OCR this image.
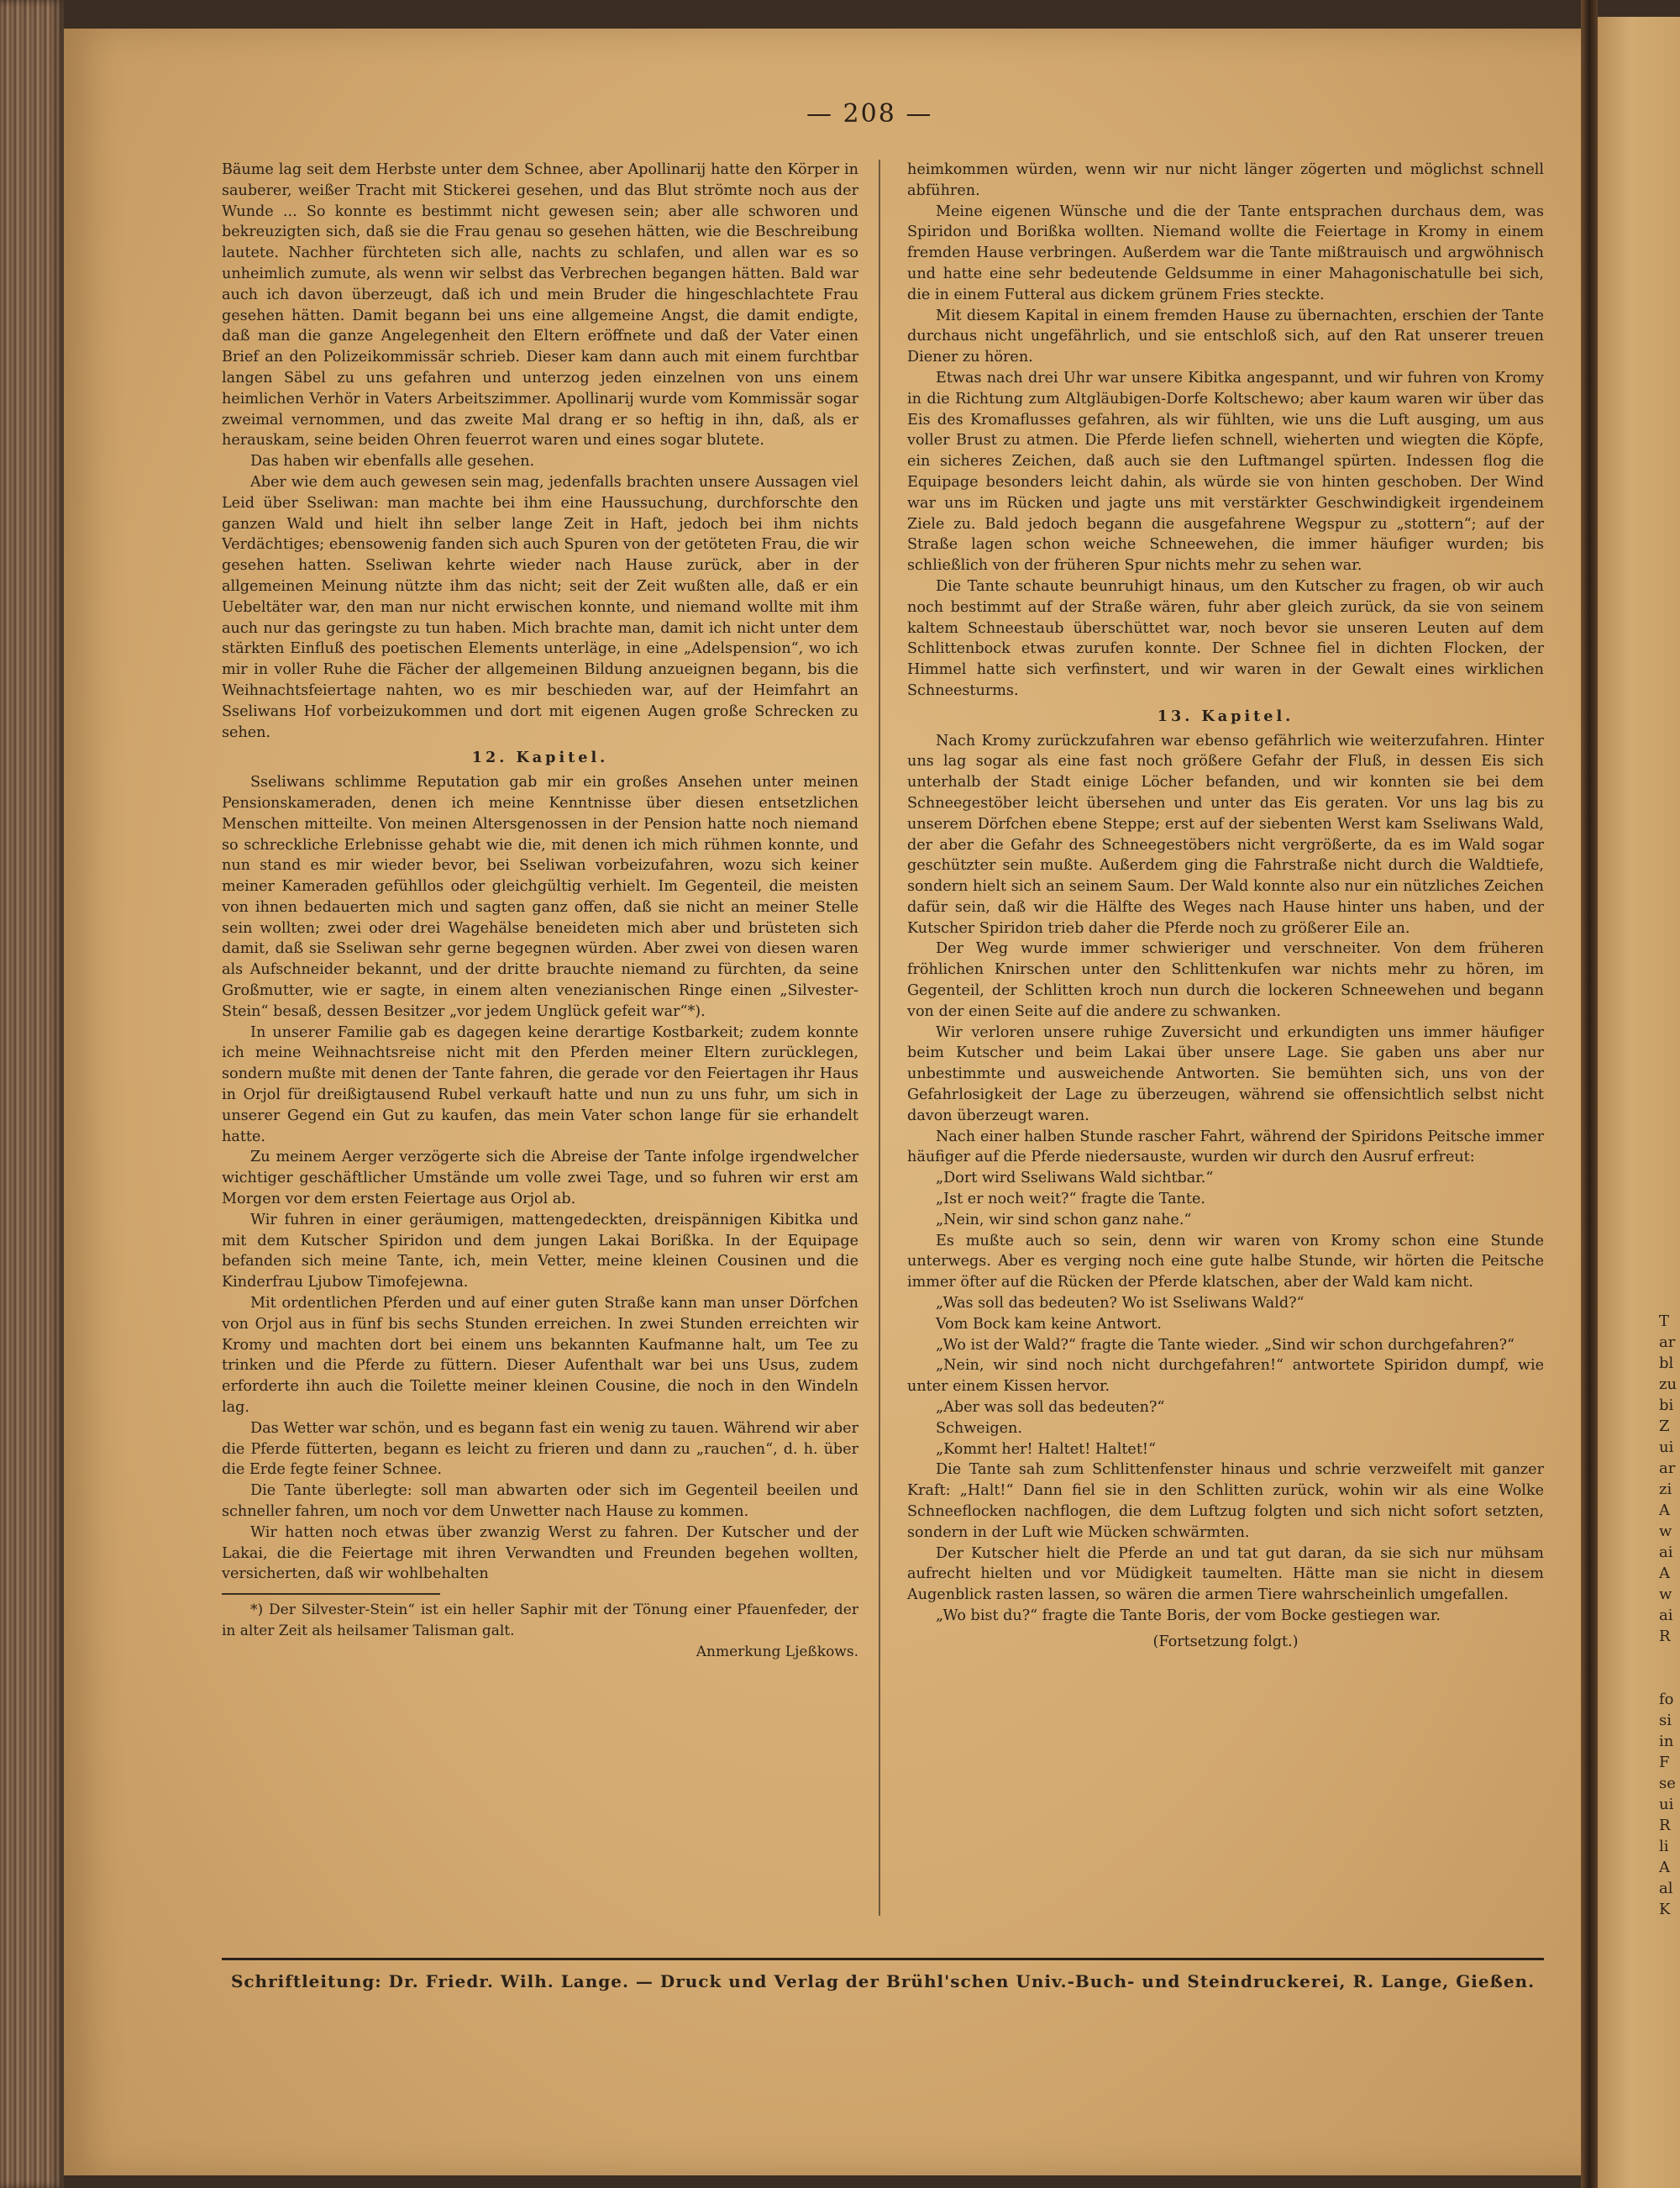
— 208 —

Bäume lag seit dem Herbste unter dem Schnee, aber Apollinarij hatte den Körper in sauberer, weißer Tracht mit Stickerei gesehen, und das Blut strömte noch aus der Wunde ... So konnte es bestimmt nicht gewesen sein; aber alle schworen und bekreuzigten sich, daß sie die Frau genau so gesehen hätten, wie die Beschreibung lautete. Nachher fürchteten sich alle, nachts zu schlafen, und allen war es so unheimlich zumute, als wenn wir selbst das Verbrechen begangen hätten. Bald war auch ich davon überzeugt, daß ich und mein Bruder die hingeschlachtete Frau gesehen hätten. Damit begann bei uns eine allgemeine Angst, die damit endigte, daß man die ganze Angelegenheit den Eltern eröffnete und daß der Vater einen Brief an den Polizeikommissär schrieb. Dieser kam dann auch mit einem furchtbar langen Säbel zu uns gefahren und unterzog jeden einzelnen von uns einem heimlichen Verhör in Vaters Arbeitszimmer. Apollinarij wurde vom Kommissär sogar zweimal vernommen, und das zweite Mal drang er so heftig in ihn, daß, als er herauskam, seine beiden Ohren feuerrot waren und eines sogar blutete.

Das haben wir ebenfalls alle gesehen.

Aber wie dem auch gewesen sein mag, jedenfalls brachten unsere Aussagen viel Leid über Sseliwan: man machte bei ihm eine Haussuchung, durchforschte den ganzen Wald und hielt ihn selber lange Zeit in Haft, jedoch bei ihm nichts Verdächtiges; ebensowenig fanden sich auch Spuren von der getöteten Frau, die wir gesehen hatten. Sseliwan kehrte wieder nach Hause zurück, aber in der allgemeinen Meinung nützte ihm das nicht; seit der Zeit wußten alle, daß er ein Uebeltäter war, den man nur nicht erwischen konnte, und niemand wollte mit ihm auch nur das geringste zu tun haben. Mich brachte man, damit ich nicht unter dem stärkten Einfluß des poetischen Elements unterläge, in eine „Adelspension“, wo ich mir in voller Ruhe die Fächer der allgemeinen Bildung anzueignen begann, bis die Weihnachtsfeiertage nahten, wo es mir beschieden war, auf der Heimfahrt an Sseliwans Hof vorbeizukommen und dort mit eigenen Augen große Schrecken zu sehen.

12. Kapitel.

Sseliwans schlimme Reputation gab mir ein großes Ansehen unter meinen Pensionskameraden, denen ich meine Kenntnisse über diesen entsetzlichen Menschen mitteilte. Von meinen Altersgenossen in der Pension hatte noch niemand so schreckliche Erlebnisse gehabt wie die, mit denen ich mich rühmen konnte, und nun stand es mir wieder bevor, bei Sseliwan vorbeizufahren, wozu sich keiner meiner Kameraden gefühllos oder gleichgültig verhielt. Im Gegenteil, die meisten von ihnen bedauerten mich und sagten ganz offen, daß sie nicht an meiner Stelle sein wollten; zwei oder drei Wagehälse beneideten mich aber und brüsteten sich damit, daß sie Sseliwan sehr gerne begegnen würden. Aber zwei von diesen waren als Aufschneider bekannt, und der dritte brauchte niemand zu fürchten, da seine Großmutter, wie er sagte, in einem alten venezianischen Ringe einen „Silvester-Stein“ besaß, dessen Besitzer „vor jedem Unglück gefeit war“*).

In unserer Familie gab es dagegen keine derartige Kostbarkeit; zudem konnte ich meine Weihnachtsreise nicht mit den Pferden meiner Eltern zurücklegen, sondern mußte mit denen der Tante fahren, die gerade vor den Feiertagen ihr Haus in Orjol für dreißigtausend Rubel verkauft hatte und nun zu uns fuhr, um sich in unserer Gegend ein Gut zu kaufen, das mein Vater schon lange für sie erhandelt hatte.

Zu meinem Aerger verzögerte sich die Abreise der Tante infolge irgendwelcher wichtiger geschäftlicher Umstände um volle zwei Tage, und so fuhren wir erst am Morgen vor dem ersten Feiertage aus Orjol ab.

Wir fuhren in einer geräumigen, mattengedeckten, dreispännigen Kibitka und mit dem Kutscher Spiridon und dem jungen Lakai Borißka. In der Equipage befanden sich meine Tante, ich, mein Vetter, meine kleinen Cousinen und die Kinderfrau Ljubow Timofejewna.

Mit ordentlichen Pferden und auf einer guten Straße kann man unser Dörfchen von Orjol aus in fünf bis sechs Stunden erreichen. In zwei Stunden erreichten wir Kromy und machten dort bei einem uns bekannten Kaufmanne halt, um Tee zu trinken und die Pferde zu füttern. Dieser Aufenthalt war bei uns Usus, zudem erforderte ihn auch die Toilette meiner kleinen Cousine, die noch in den Windeln lag.

Das Wetter war schön, und es begann fast ein wenig zu tauen. Während wir aber die Pferde fütterten, begann es leicht zu frieren und dann zu „rauchen“, d. h. über die Erde fegte feiner Schnee.

Die Tante überlegte: soll man abwarten oder sich im Gegenteil beeilen und schneller fahren, um noch vor dem Unwetter nach Hause zu kommen.

Wir hatten noch etwas über zwanzig Werst zu fahren. Der Kutscher und der Lakai, die die Feiertage mit ihren Verwandten und Freunden begehen wollten, versicherten, daß wir wohlbehalten

*) Der Silvester-Stein“ ist ein heller Saphir mit der Tönung einer Pfauenfeder, der in alter Zeit als heilsamer Talisman galt.

Anmerkung Ljeßkows.

heimkommen würden, wenn wir nur nicht länger zögerten und möglichst schnell abführen.

Meine eigenen Wünsche und die der Tante entsprachen durchaus dem, was Spiridon und Borißka wollten. Niemand wollte die Feiertage in Kromy in einem fremden Hause verbringen. Außerdem war die Tante mißtrauisch und argwöhnisch und hatte eine sehr bedeutende Geldsumme in einer Mahagonischatulle bei sich, die in einem Futteral aus dickem grünem Fries steckte.

Mit diesem Kapital in einem fremden Hause zu übernachten, erschien der Tante durchaus nicht ungefährlich, und sie entschloß sich, auf den Rat unserer treuen Diener zu hören.

Etwas nach drei Uhr war unsere Kibitka angespannt, und wir fuhren von Kromy in die Richtung zum Altgläubigen-Dorfe Koltschewo; aber kaum waren wir über das Eis des Kromaflusses gefahren, als wir fühlten, wie uns die Luft ausging, um aus voller Brust zu atmen. Die Pferde liefen schnell, wieherten und wiegten die Köpfe, ein sicheres Zeichen, daß auch sie den Luftmangel spürten. Indessen flog die Equipage besonders leicht dahin, als würde sie von hinten geschoben. Der Wind war uns im Rücken und jagte uns mit verstärkter Geschwindigkeit irgendeinem Ziele zu. Bald jedoch begann die ausgefahrene Wegspur zu „stottern“; auf der Straße lagen schon weiche Schneewehen, die immer häufiger wurden; bis schließlich von der früheren Spur nichts mehr zu sehen war.

Die Tante schaute beunruhigt hinaus, um den Kutscher zu fragen, ob wir auch noch bestimmt auf der Straße wären, fuhr aber gleich zurück, da sie von seinem kaltem Schneestaub überschüttet war, noch bevor sie unseren Leuten auf dem Schlittenbock etwas zurufen konnte. Der Schnee fiel in dichten Flocken, der Himmel hatte sich verfinstert, und wir waren in der Gewalt eines wirklichen Schneesturms.

13. Kapitel.

Nach Kromy zurückzufahren war ebenso gefährlich wie weiterzufahren. Hinter uns lag sogar als eine fast noch größere Gefahr der Fluß, in dessen Eis sich unterhalb der Stadt einige Löcher befanden, und wir konnten sie bei dem Schneegestöber leicht übersehen und unter das Eis geraten. Vor uns lag bis zu unserem Dörfchen ebene Steppe; erst auf der siebenten Werst kam Sseliwans Wald, der aber die Gefahr des Schneegestöbers nicht vergrößerte, da es im Wald sogar geschützter sein mußte. Außerdem ging die Fahrstraße nicht durch die Waldtiefe, sondern hielt sich an seinem Saum. Der Wald konnte also nur ein nützliches Zeichen dafür sein, daß wir die Hälfte des Weges nach Hause hinter uns haben, und der Kutscher Spiridon trieb daher die Pferde noch zu größerer Eile an.

Der Weg wurde immer schwieriger und verschneiter. Von dem früheren fröhlichen Knirschen unter den Schlittenkufen war nichts mehr zu hören, im Gegenteil, der Schlitten kroch nun durch die lockeren Schneewehen und begann von der einen Seite auf die andere zu schwanken.

Wir verloren unsere ruhige Zuversicht und erkundigten uns immer häufiger beim Kutscher und beim Lakai über unsere Lage. Sie gaben uns aber nur unbestimmte und ausweichende Antworten. Sie bemühten sich, uns von der Gefahrlosigkeit der Lage zu überzeugen, während sie offensichtlich selbst nicht davon überzeugt waren.

Nach einer halben Stunde rascher Fahrt, während der Spiridons Peitsche immer häufiger auf die Pferde niedersauste, wurden wir durch den Ausruf erfreut:

„Dort wird Sseliwans Wald sichtbar.“

„Ist er noch weit?“ fragte die Tante.

„Nein, wir sind schon ganz nahe.“

Es mußte auch so sein, denn wir waren von Kromy schon eine Stunde unterwegs. Aber es verging noch eine gute halbe Stunde, wir hörten die Peitsche immer öfter auf die Rücken der Pferde klatschen, aber der Wald kam nicht.

„Was soll das bedeuten? Wo ist Sseliwans Wald?“

Vom Bock kam keine Antwort.

„Wo ist der Wald?“ fragte die Tante wieder. „Sind wir schon durchgefahren?“

„Nein, wir sind noch nicht durchgefahren!“ antwortete Spiridon dumpf, wie unter einem Kissen hervor.

„Aber was soll das bedeuten?“

Schweigen.

„Kommt her! Haltet! Haltet!“

Die Tante sah zum Schlittenfenster hinaus und schrie verzweifelt mit ganzer Kraft: „Halt!“ Dann fiel sie in den Schlitten zurück, wohin wir als eine Wolke Schneeflocken nachflogen, die dem Luftzug folgten und sich nicht sofort setzten, sondern in der Luft wie Mücken schwärmten.

Der Kutscher hielt die Pferde an und tat gut daran, da sie sich nur mühsam aufrecht hielten und vor Müdigkeit taumelten. Hätte man sie nicht in diesem Augenblick rasten lassen, so wären die armen Tiere wahrscheinlich umgefallen.

„Wo bist du?“ fragte die Tante Boris, der vom Bocke gestiegen war.

(Fortsetzung folgt.)
Schriftleitung: Dr. Friedr. Wilh. Lange. — Druck und Verlag der Brühl'schen Univ.-Buch- und Steindruckerei, R. Lange, Gießen.
T
ar
bl
zu
bi
Z
ui
ar
zi
A
w
ai
A
w
ai
R
fo
si
in
F
se
ui
R
li
A
al
K
